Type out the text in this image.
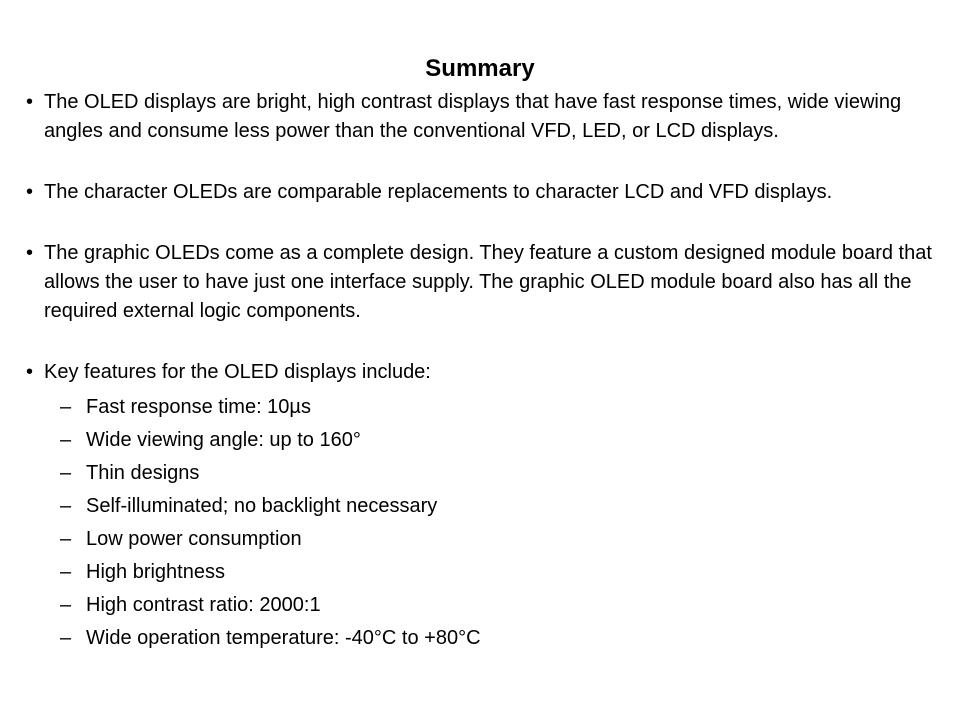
Summary
• The OLED displays are bright, high contrast displays that have fast response times, wide viewing angles and consume less power than the conventional VFD, LED, or LCD displays.
• The character OLEDs are comparable replacements to character LCD and VFD displays.
• The graphic OLEDs come as a complete design. They feature a custom designed module board that allows the user to have just one interface supply. The graphic OLED module board also has all the required external logic components.
• Key features for the OLED displays include:
– Fast response time: 10µs
– Wide viewing angle: up to 160°
– Thin designs
– Self-illuminated; no backlight necessary
– Low power consumption
– High brightness
– High contrast ratio: 2000:1
– Wide operation temperature: -40°C to +80°C
